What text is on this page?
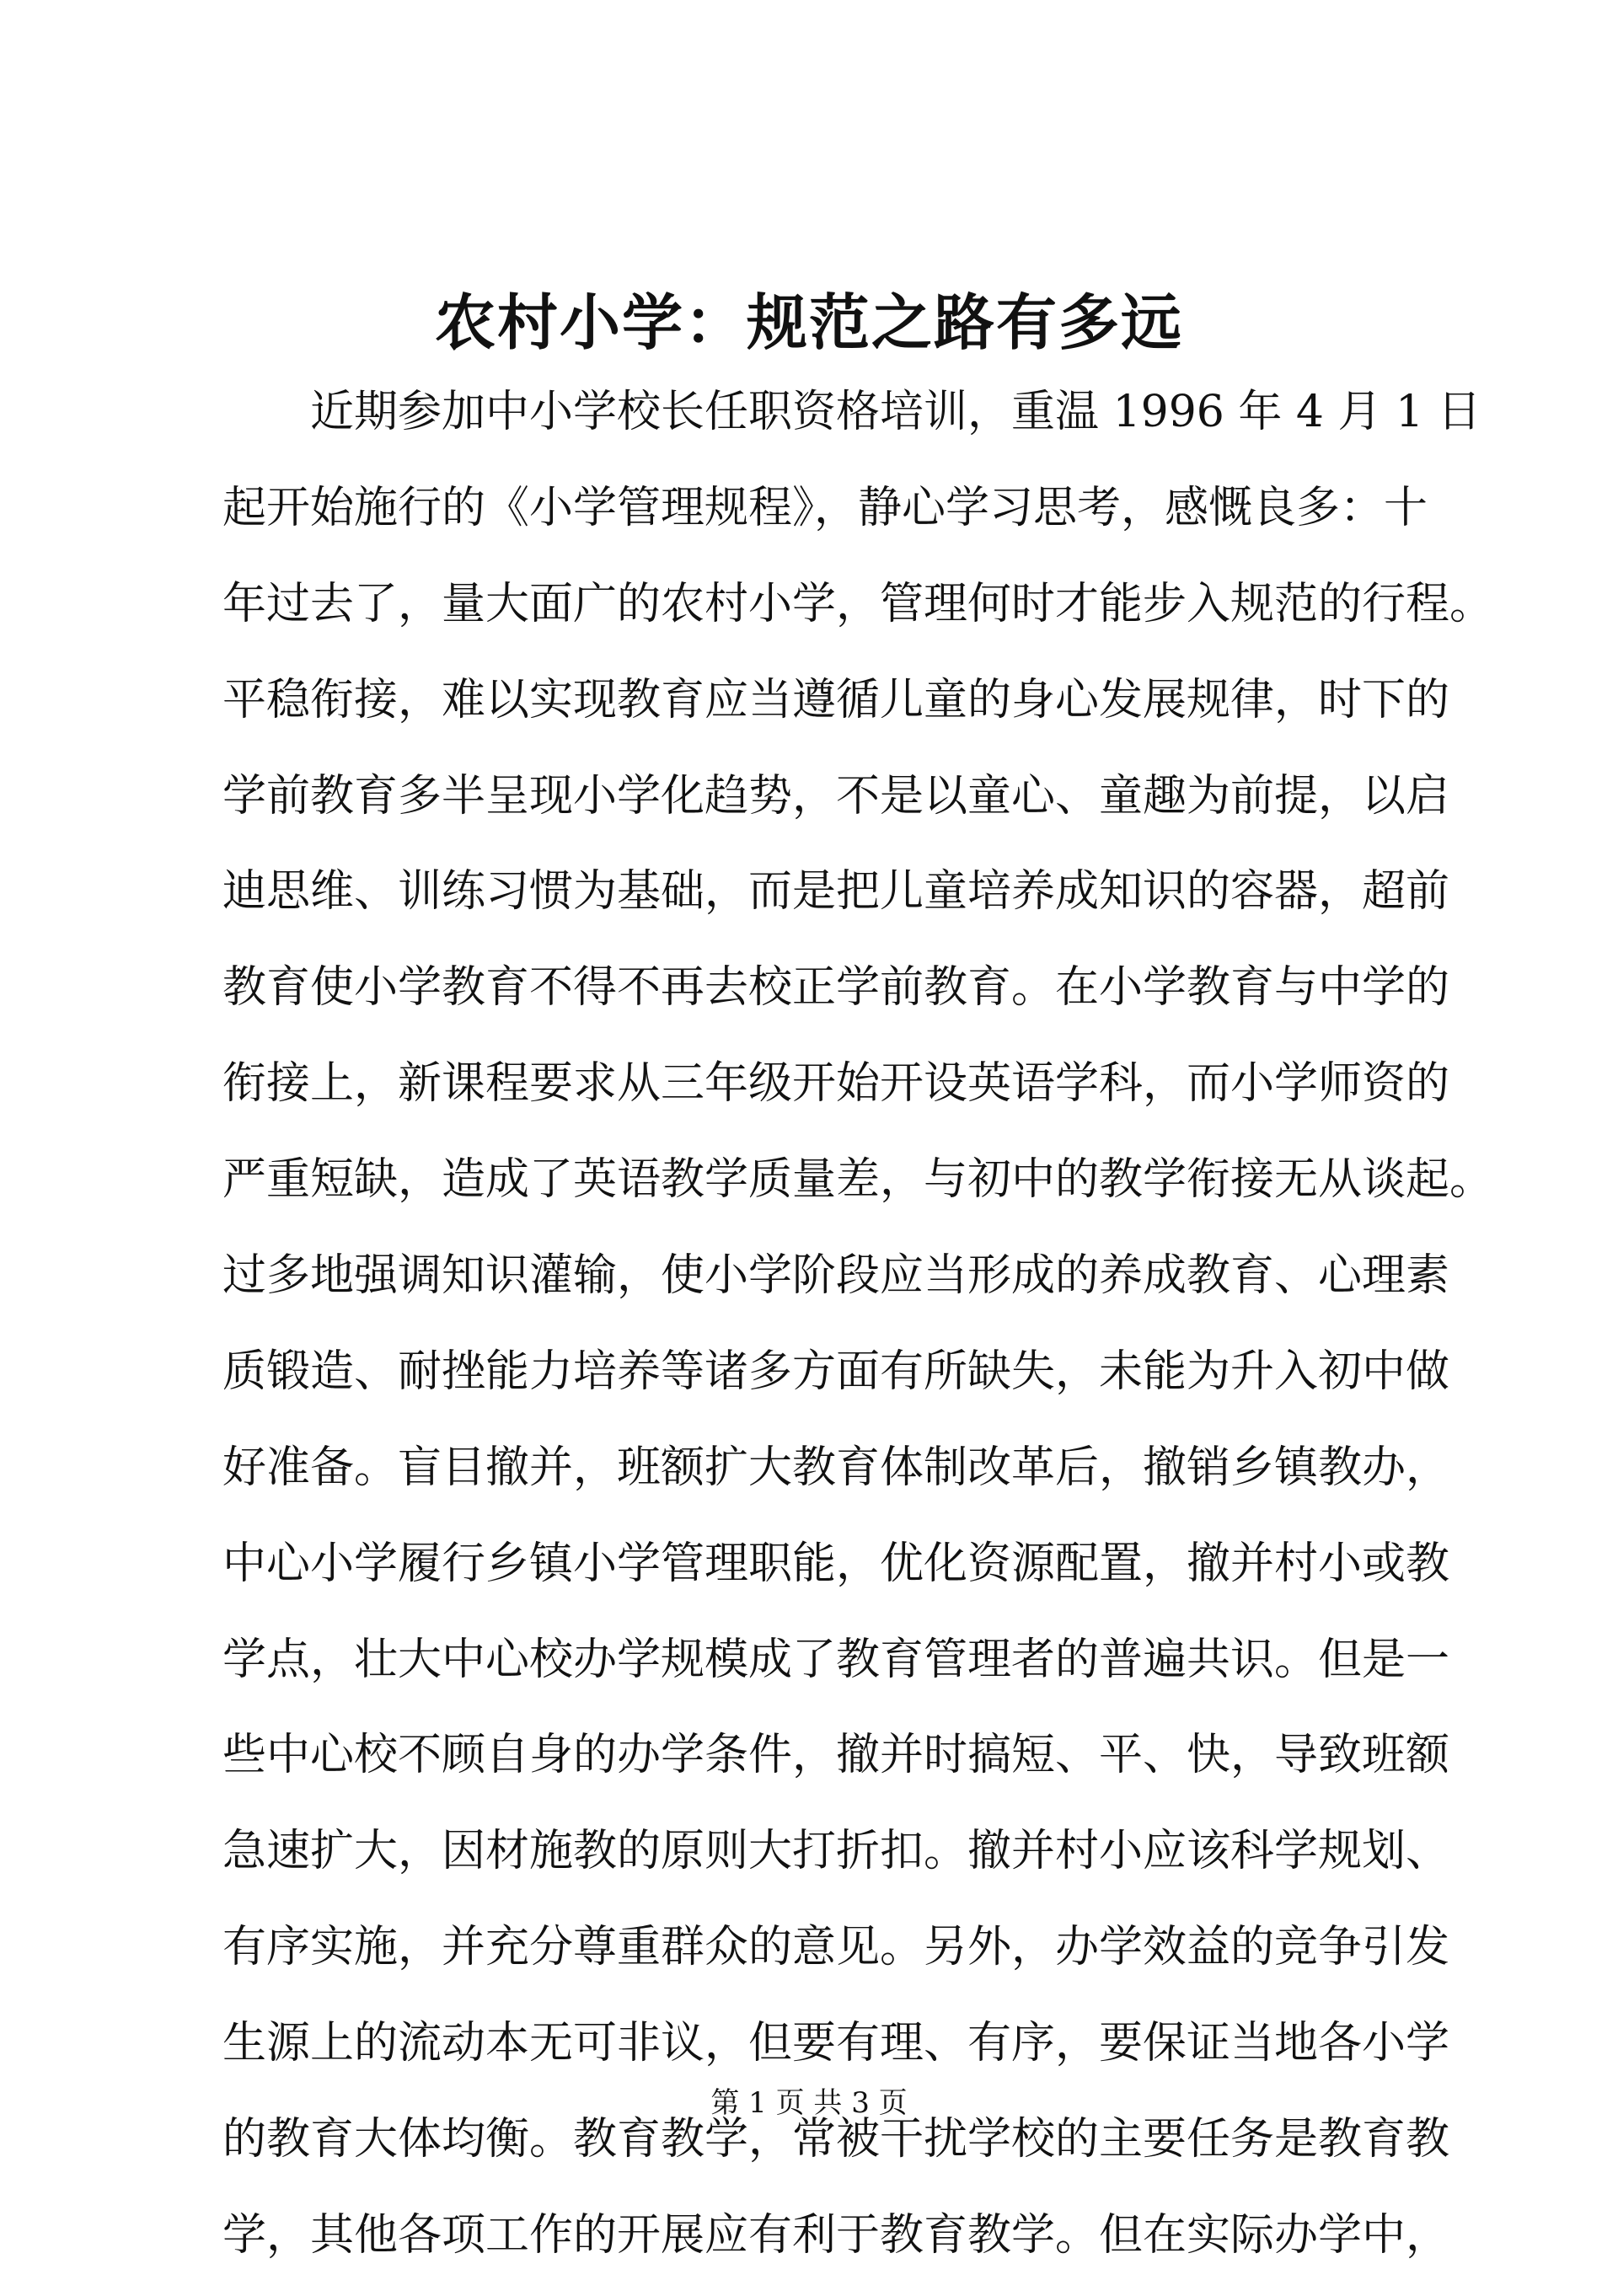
农村小学：规范之路有多远
近期参加中小学校长任职资格培训，重温 1996 年 4 月 1 日
起开始施行的《小学管理规程》，静心学习思考，感慨良多：十
年过去了，量大面广的农村小学，管理何时才能步入规范的行程。
平稳衔接，难以实现教育应当遵循儿童的身心发展规律，时下的
学前教育多半呈现小学化趋势，不是以童心、童趣为前提，以启
迪思维、训练习惯为基础，而是把儿童培养成知识的容器，超前
教育使小学教育不得不再去校正学前教育。在小学教育与中学的
衔接上，新课程要求从三年级开始开设英语学科，而小学师资的
严重短缺，造成了英语教学质量差，与初中的教学衔接无从谈起。
过多地强调知识灌输，使小学阶段应当形成的养成教育、心理素
质锻造、耐挫能力培养等诸多方面有所缺失，未能为升入初中做
好准备。盲目撤并，班额扩大教育体制改革后，撤销乡镇教办，
中心小学履行乡镇小学管理职能，优化资源配置，撤并村小或教
学点，壮大中心校办学规模成了教育管理者的普遍共识。但是一
些中心校不顾自身的办学条件，撤并时搞短、平、快，导致班额
急速扩大，因材施教的原则大打折扣。撤并村小应该科学规划、
有序实施，并充分尊重群众的意见。另外，办学效益的竞争引发
生源上的流动本无可非议，但要有理、有序，要保证当地各小学
的教育大体均衡。教育教学，常被干扰学校的主要任务是教育教
学，其他各项工作的开展应有利于教育教学。但在实际办学中，
第 1 页 共 3 页
